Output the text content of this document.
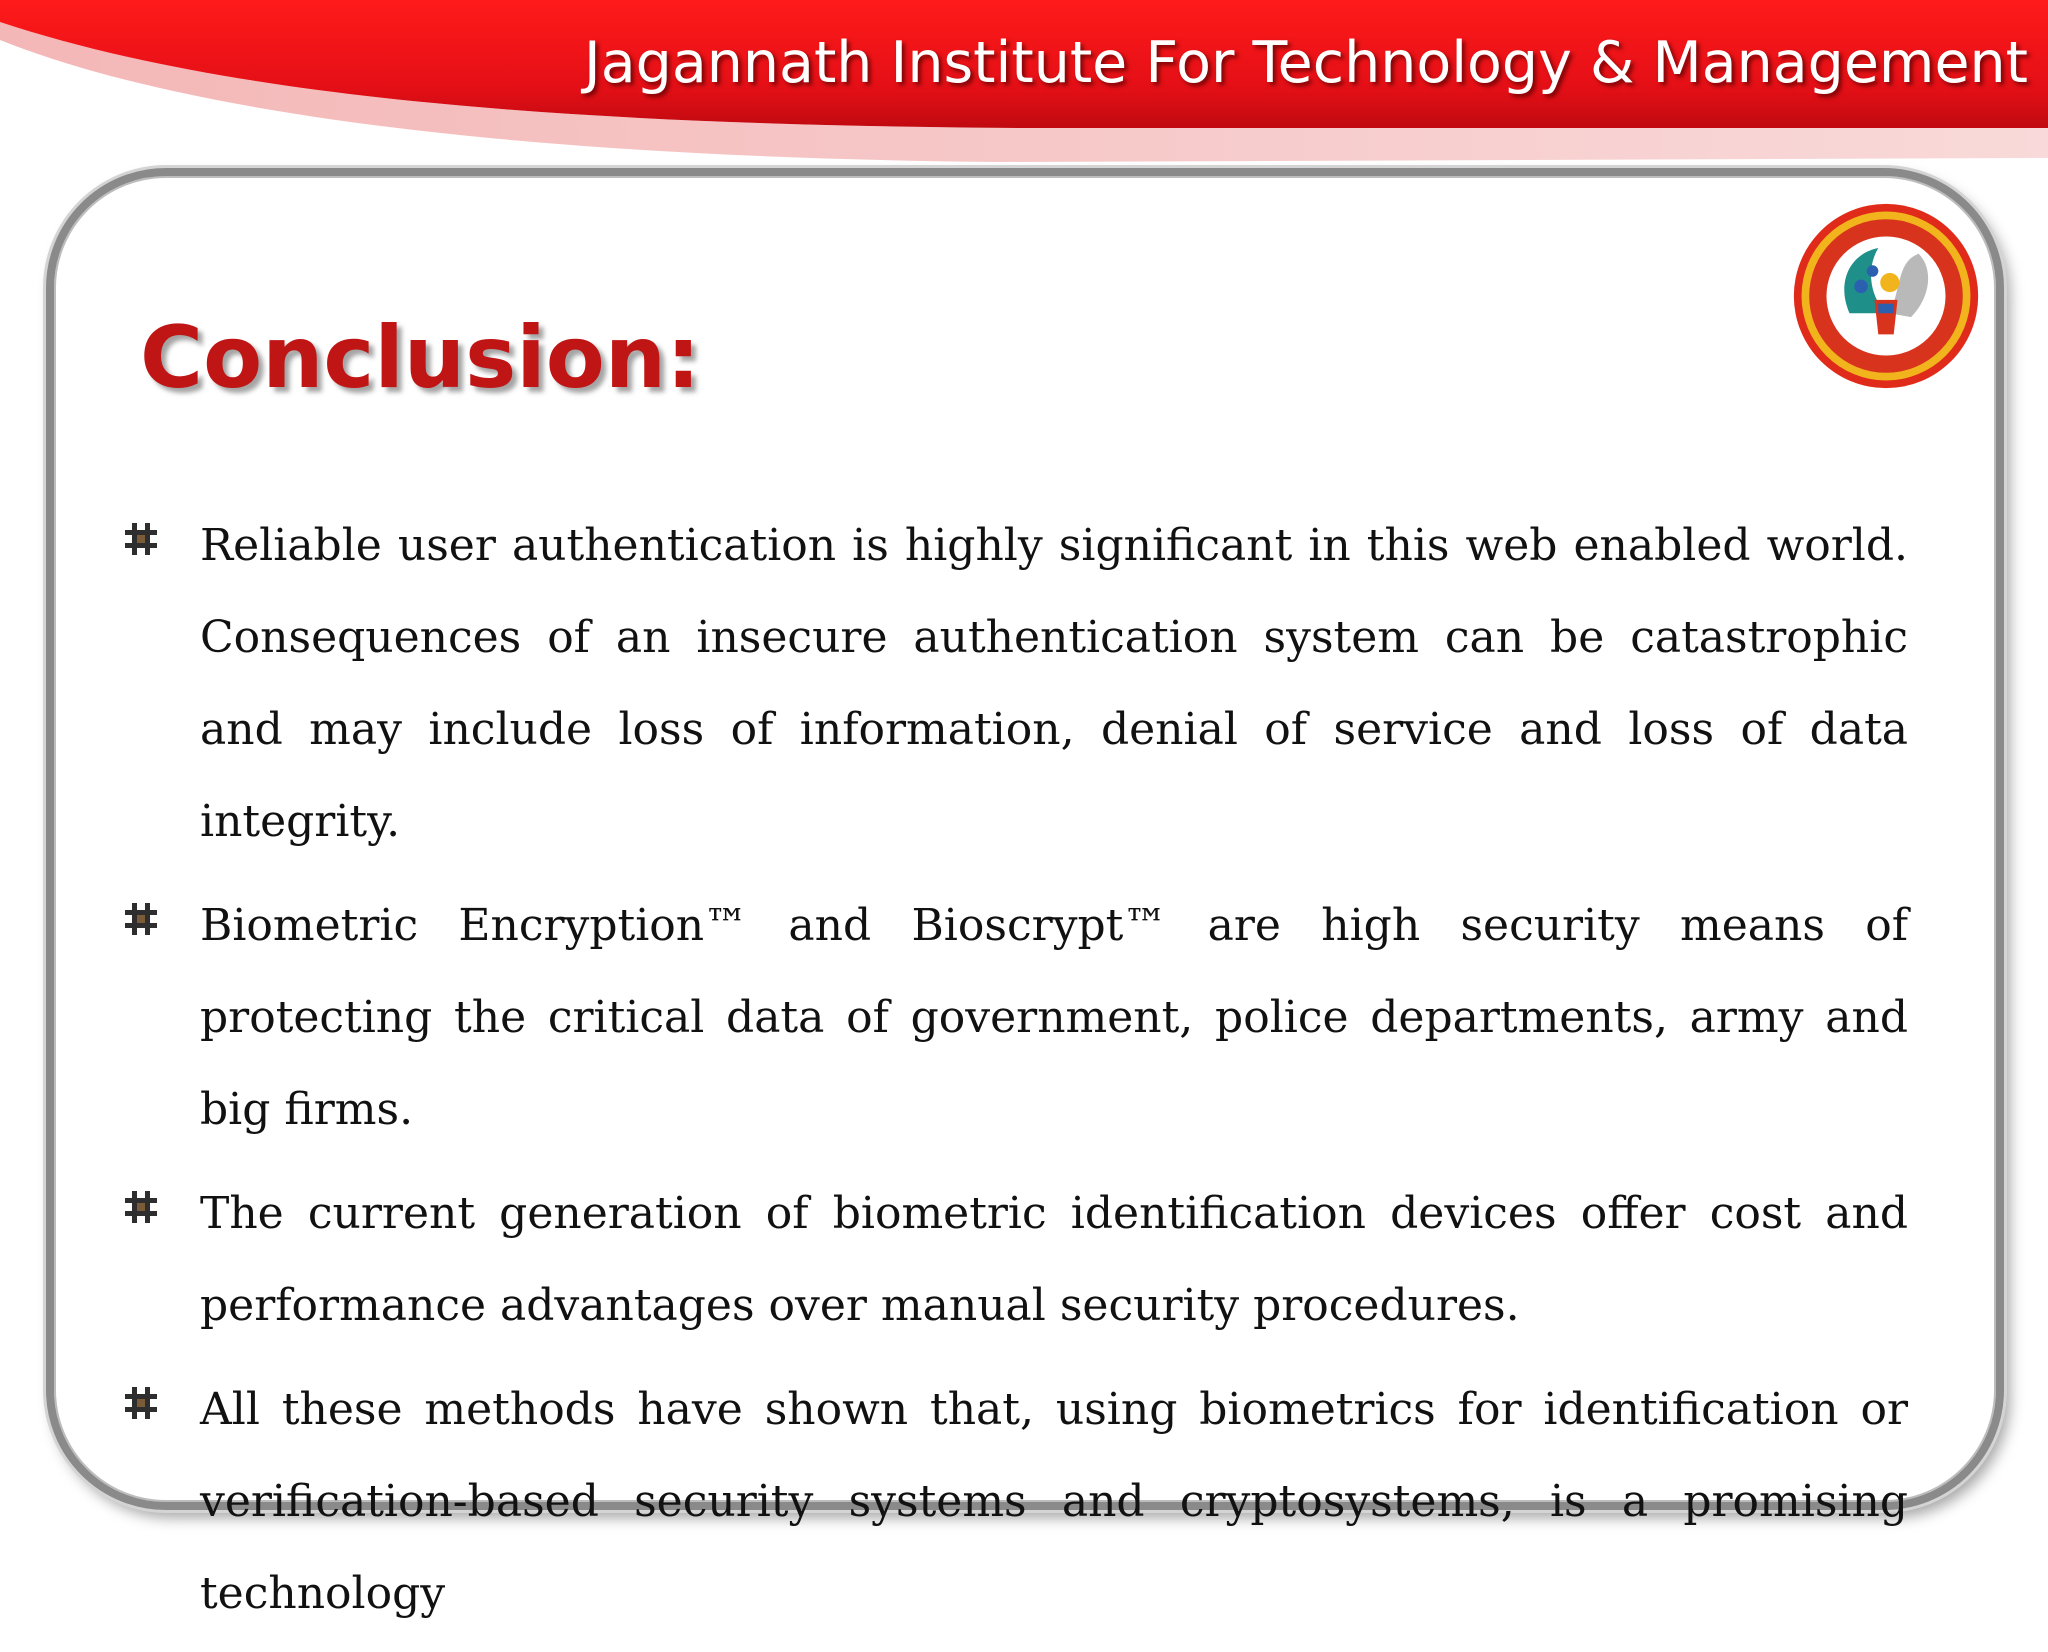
Jagannath Institute For Technology & Management
Conclusion:
Reliable user authentication is highly significant in this web enabled world. Consequences of an insecure authentication system can be catastrophic and may include loss of information, denial of service and loss of data integrity.
Biometric Encryption™ and Bioscrypt™ are high security means of protecting the critical data of government, police departments, army and big firms.
The current generation of biometric identification devices offer cost and performance advantages over manual security procedures.
All these methods have shown that, using biometrics for identification or verification-based security systems and cryptosystems, is a promising technology
